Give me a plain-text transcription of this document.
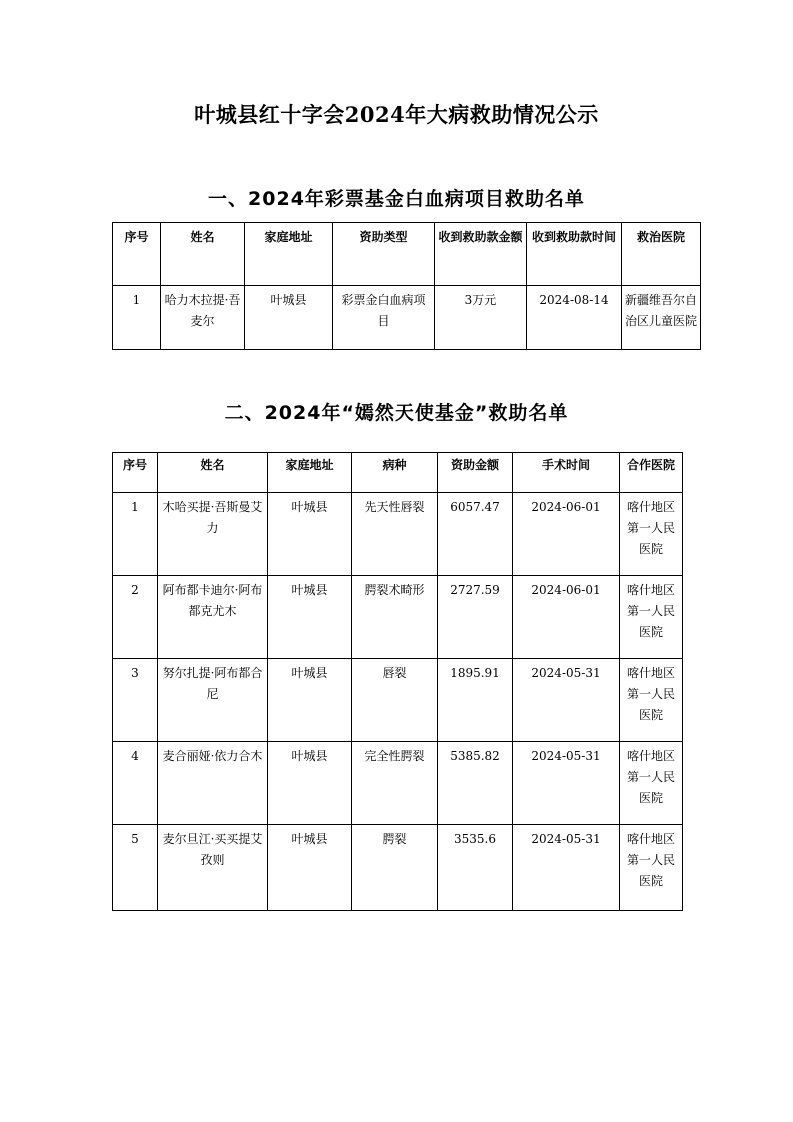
叶城县红十字会2024年大病救助情况公示
一、2024年彩票基金白血病项目救助名单
序号	姓名	家庭地址	资助类型	收到救助款金额	收到救助款时间	救治医院
1	哈力木拉提·吾麦尔	叶城县	彩票金白血病项目	3万元	2024-08-14	新疆维吾尔自治区儿童医院
二、2024年“嫣然天使基金”救助名单
序号	姓名	家庭地址	病种	资助金额	手术时间	合作医院
1	木哈买提·吾斯曼艾力	叶城县	先天性唇裂	6057.47	2024-06-01	喀什地区第一人民医院
2	阿布都卡迪尔·阿布都克尤木	叶城县	腭裂术畸形	2727.59	2024-06-01	喀什地区第一人民医院
3	努尔扎提·阿布都合尼	叶城县	唇裂	1895.91	2024-05-31	喀什地区第一人民医院
4	麦合丽娅·依力合木	叶城县	完全性腭裂	5385.82	2024-05-31	喀什地区第一人民医院
5	麦尔旦江·买买提艾孜则	叶城县	腭裂	3535.6	2024-05-31	喀什地区第一人民医院
